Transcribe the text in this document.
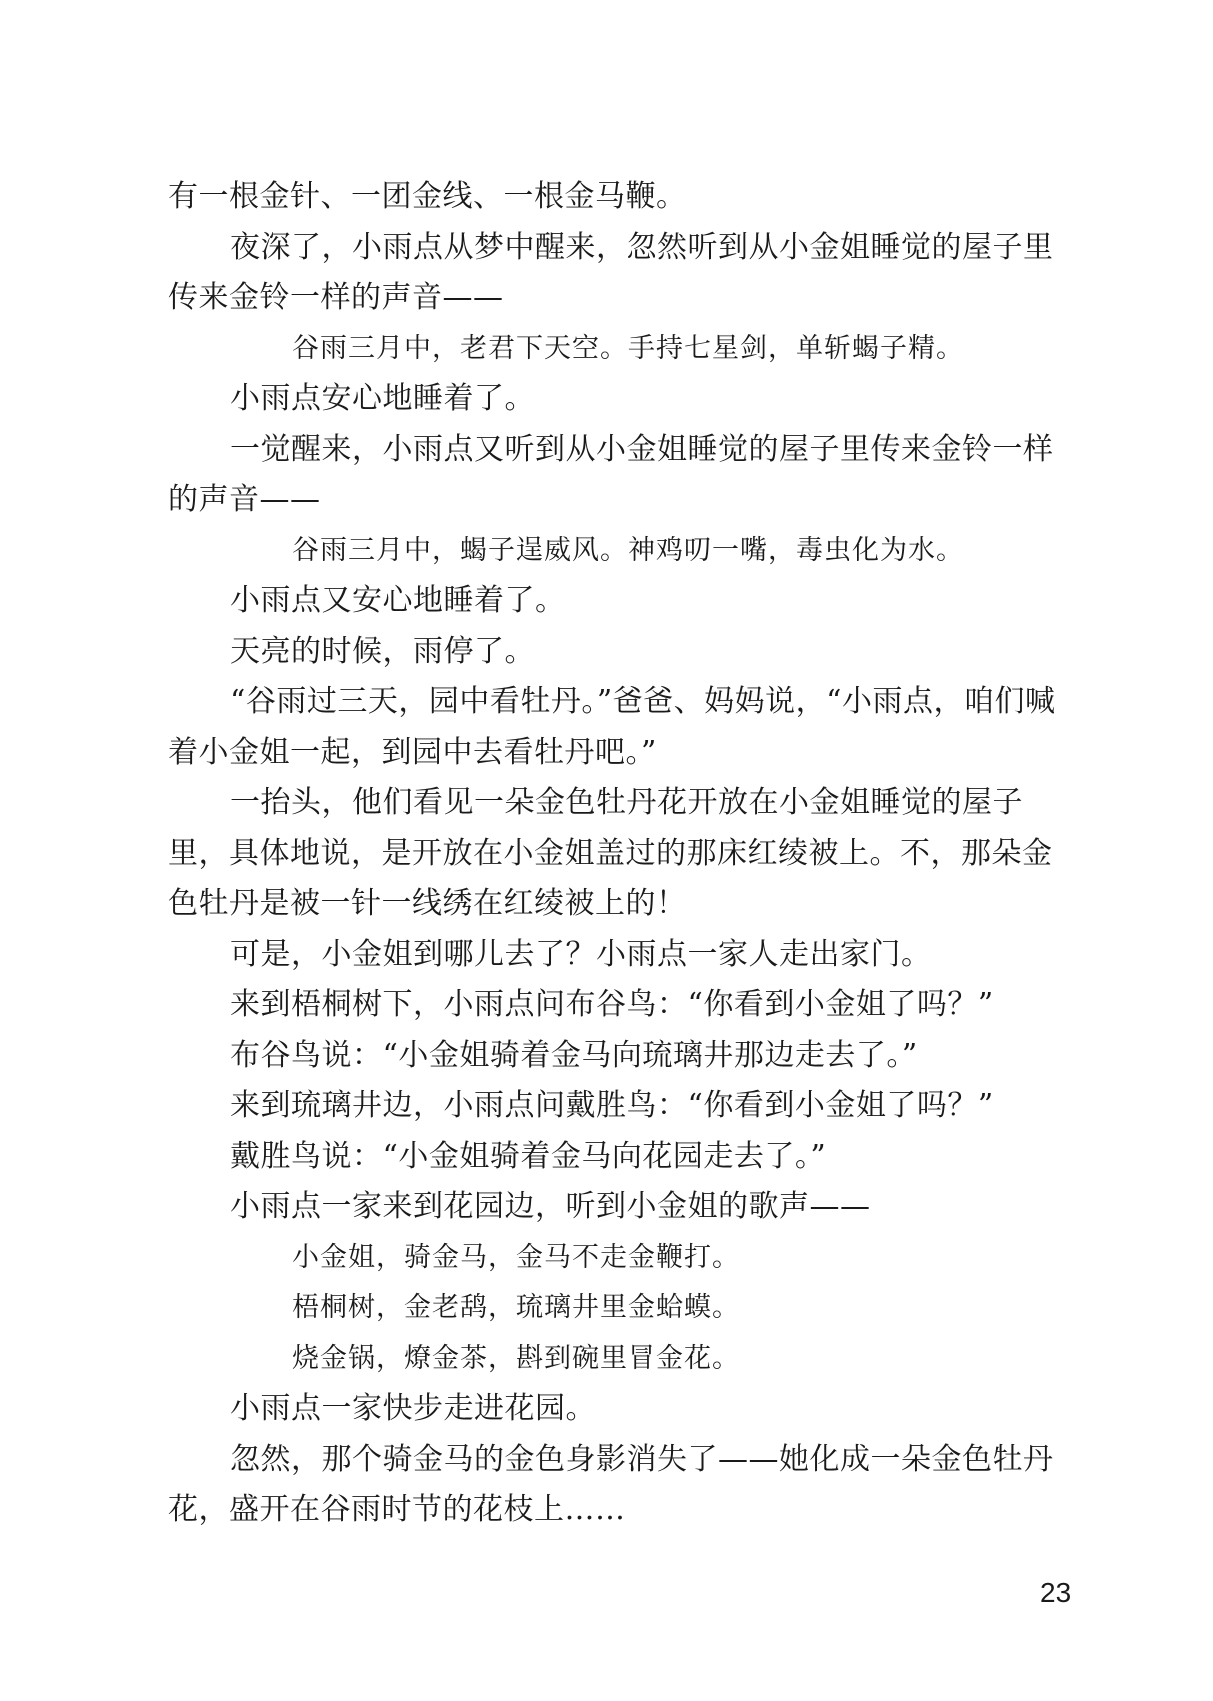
有一根金针、一团金线、一根金马鞭。

夜深了，小雨点从梦中醒来，忽然听到从小金姐睡觉的屋子里传来金铃一样的声音——

谷雨三月中，老君下天空。手持七星剑，单斩蝎子精。

小雨点安心地睡着了。

一觉醒来，小雨点又听到从小金姐睡觉的屋子里传来金铃一样的声音——

谷雨三月中，蝎子逞威风。神鸡叨一嘴，毒虫化为水。

小雨点又安心地睡着了。

天亮的时候，雨停了。

“谷雨过三天，园中看牡丹。”爸爸、妈妈说，“小雨点，咱们喊着小金姐一起，到园中去看牡丹吧。”

一抬头，他们看见一朵金色牡丹花开放在小金姐睡觉的屋子里，具体地说，是开放在小金姐盖过的那床红绫被上。不，那朵金色牡丹是被一针一线绣在红绫被上的！

可是，小金姐到哪儿去了？小雨点一家人走出家门。

来到梧桐树下，小雨点问布谷鸟：“你看到小金姐了吗？”

布谷鸟说：“小金姐骑着金马向琉璃井那边走去了。”

来到琉璃井边，小雨点问戴胜鸟：“你看到小金姐了吗？”

戴胜鸟说：“小金姐骑着金马向花园走去了。”

小雨点一家来到花园边，听到小金姐的歌声——

小金姐，骑金马，金马不走金鞭打。

梧桐树，金老鸹，琉璃井里金蛤蟆。

烧金锅，燎金茶，斟到碗里冒金花。

小雨点一家快步走进花园。

忽然，那个骑金马的金色身影消失了——她化成一朵金色牡丹花，盛开在谷雨时节的花枝上……

23
